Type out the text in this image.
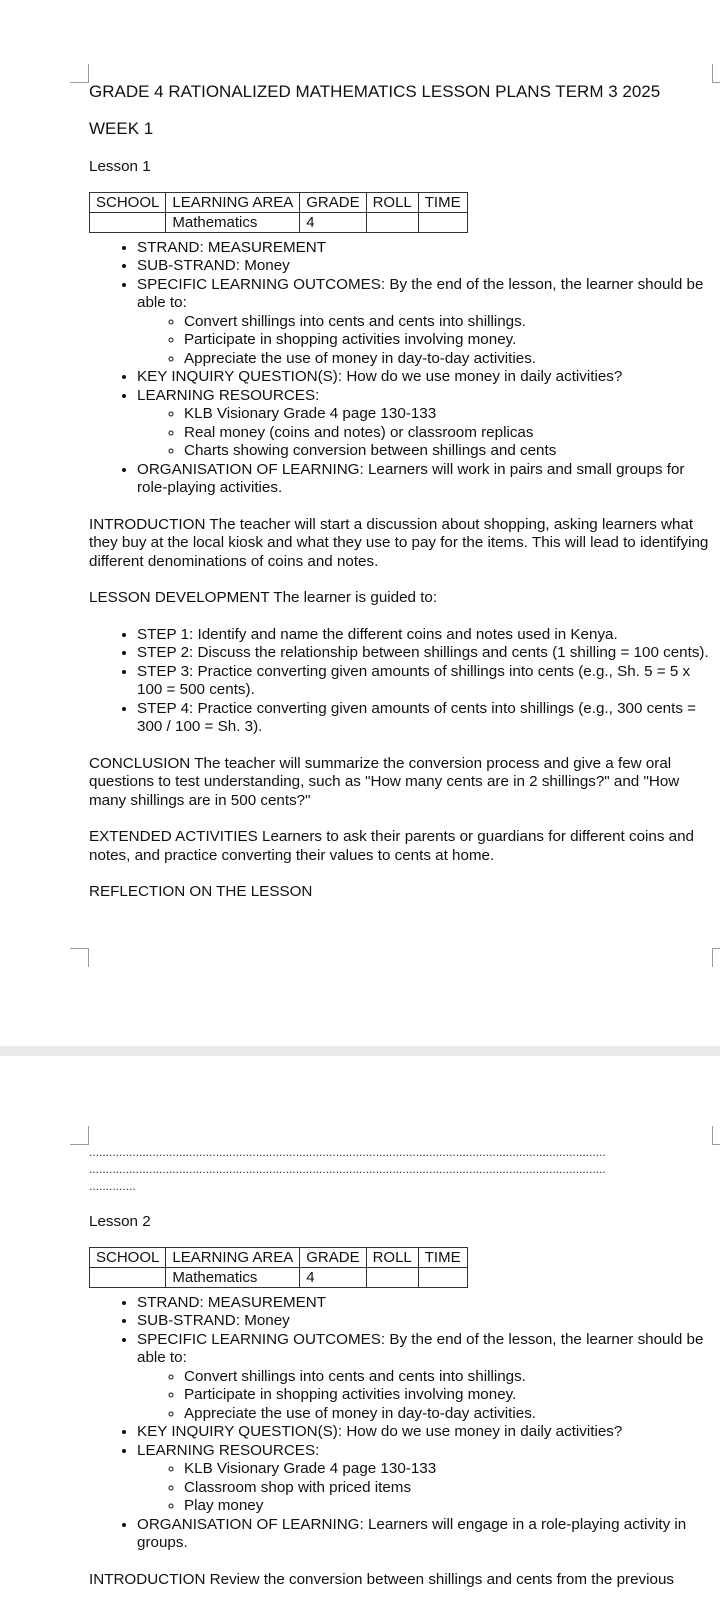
GRADE 4 RATIONALIZED MATHEMATICS LESSON PLANS TERM 3 2025

WEEK 1

Lesson 1

SCHOOL	LEARNING AREA	GRADE	ROLL	TIME
	Mathematics	4		
• STRAND: MEASUREMENT
• SUB-STRAND: Money
• SPECIFIC LEARNING OUTCOMES: By the end of the lesson, the learner should be able to:
◦ Convert shillings into cents and cents into shillings.
◦ Participate in shopping activities involving money.
◦ Appreciate the use of money in day-to-day activities.
• KEY INQUIRY QUESTION(S): How do we use money in daily activities?
• LEARNING RESOURCES:
◦ KLB Visionary Grade 4 page 130-133
◦ Real money (coins and notes) or classroom replicas
◦ Charts showing conversion between shillings and cents
• ORGANISATION OF LEARNING: Learners will work in pairs and small groups for role-playing activities.

INTRODUCTION The teacher will start a discussion about shopping, asking learners what they buy at the local kiosk and what they use to pay for the items. This will lead to identifying different denominations of coins and notes.

LESSON DEVELOPMENT The learner is guided to:

• STEP 1: Identify and name the different coins and notes used in Kenya.
• STEP 2: Discuss the relationship between shillings and cents (1 shilling = 100 cents).
• STEP 3: Practice converting given amounts of shillings into cents (e.g., Sh. 5 = 5 x 100 = 500 cents).
• STEP 4: Practice converting given amounts of cents into shillings (e.g., 300 cents = 300 / 100 = Sh. 3).

CONCLUSION The teacher will summarize the conversion process and give a few oral questions to test understanding, such as "How many cents are in 2 shillings?" and "How many shillings are in 500 cents?"

EXTENDED ACTIVITIES Learners to ask their parents or guardians for different coins and notes, and practice converting their values to cents at home.

REFLECTION ON THE LESSON

...........................................................................................................................................................
...........................................................................................................................................................
..............

Lesson 2

SCHOOL	LEARNING AREA	GRADE	ROLL	TIME
	Mathematics	4		
• STRAND: MEASUREMENT
• SUB-STRAND: Money
• SPECIFIC LEARNING OUTCOMES: By the end of the lesson, the learner should be able to:
◦ Convert shillings into cents and cents into shillings.
◦ Participate in shopping activities involving money.
◦ Appreciate the use of money in day-to-day activities.
• KEY INQUIRY QUESTION(S): How do we use money in daily activities?
• LEARNING RESOURCES:
◦ KLB Visionary Grade 4 page 130-133
◦ Classroom shop with priced items
◦ Play money
• ORGANISATION OF LEARNING: Learners will engage in a role-playing activity in groups.

INTRODUCTION Review the conversion between shillings and cents from the previous
